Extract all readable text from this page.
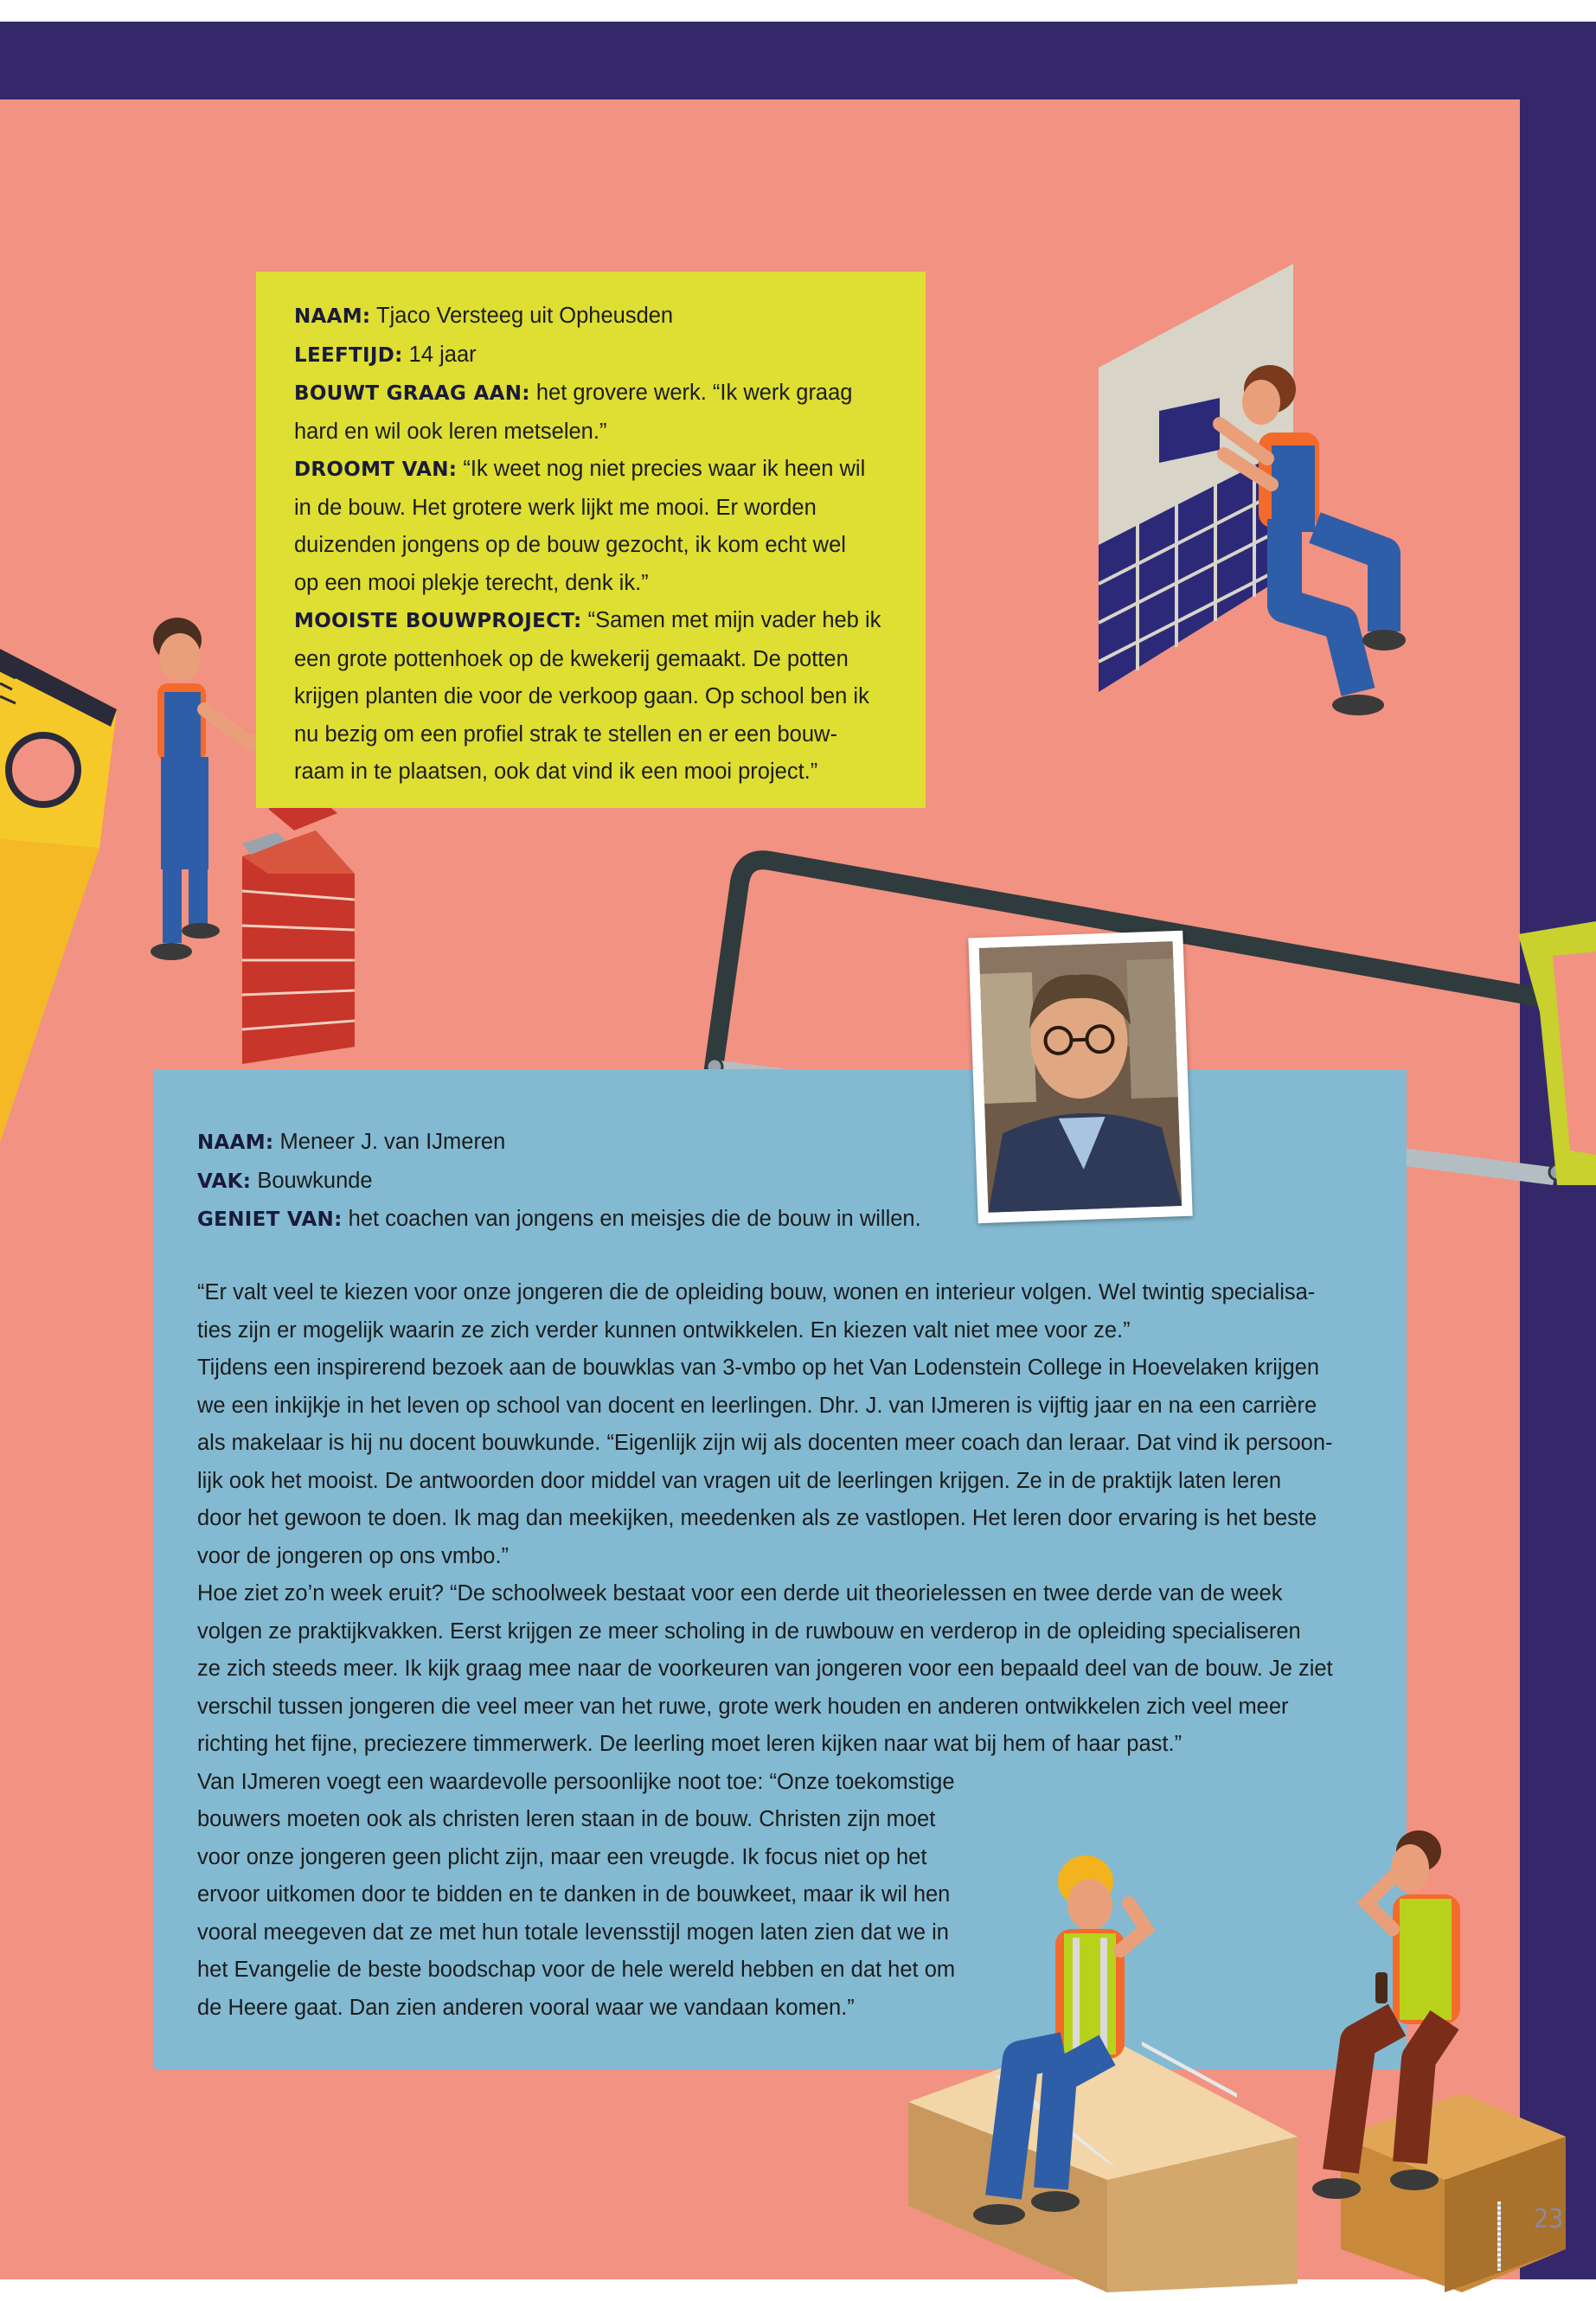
NAAM: Tjaco Versteeg uit Opheusden
LEEFTIJD: 14 jaar
BOUWT GRAAG AAN: het grovere werk. “Ik werk graag
hard en wil ook leren metselen.”
DROOMT VAN: “Ik weet nog niet precies waar ik heen wil
in de bouw. Het grotere werk lijkt me mooi. Er worden
duizenden jongens op de bouw gezocht, ik kom echt wel
op een mooi plekje terecht, denk ik.”
MOOISTE BOUWPROJECT: “Samen met mijn vader heb ik
een grote pottenhoek op de kwekerij gemaakt. De potten
krijgen planten die voor de verkoop gaan. Op school ben ik
nu bezig om een profiel strak te stellen en er een bouw-
raam in te plaatsen, ook dat vind ik een mooi project.”
NAAM: Meneer J. van IJmeren
VAK: Bouwkunde
GENIET VAN: het coachen van jongens en meisjes die de bouw in willen.
“Er valt veel te kiezen voor onze jongeren die de opleiding bouw, wonen en interieur volgen. Wel twintig specialisa-
ties zijn er mogelijk waarin ze zich verder kunnen ontwikkelen. En kiezen valt niet mee voor ze.”
Tijdens een inspirerend bezoek aan de bouwklas van 3-vmbo op het Van Lodenstein College in Hoevelaken krijgen
we een inkijkje in het leven op school van docent en leerlingen. Dhr. J. van IJmeren is vijftig jaar en na een carrière
als makelaar is hij nu docent bouwkunde. “Eigenlijk zijn wij als docenten meer coach dan leraar. Dat vind ik persoon-
lijk ook het mooist. De antwoorden door middel van vragen uit de leerlingen krijgen. Ze in de praktijk laten leren
door het gewoon te doen. Ik mag dan meekijken, meedenken als ze vastlopen. Het leren door ervaring is het beste
voor de jongeren op ons vmbo.”
Hoe ziet zo’n week eruit? “De schoolweek bestaat voor een derde uit theorielessen en twee derde van de week
volgen ze praktijkvakken. Eerst krijgen ze meer scholing in de ruwbouw en verderop in de opleiding specialiseren
ze zich steeds meer. Ik kijk graag mee naar de voorkeuren van jongeren voor een bepaald deel van de bouw. Je ziet
verschil tussen jongeren die veel meer van het ruwe, grote werk houden en anderen ontwikkelen zich veel meer
richting het fijne, preciezere timmerwerk. De leerling moet leren kijken naar wat bij hem of haar past.”
Van IJmeren voegt een waardevolle persoonlijke noot toe: “Onze toekomstige
bouwers moeten ook als christen leren staan in de bouw. Christen zijn moet
voor onze jongeren geen plicht zijn, maar een vreugde. Ik focus niet op het
ervoor uitkomen door te bidden en te danken in de bouwkeet, maar ik wil hen
vooral meegeven dat ze met hun totale levensstijl mogen laten zien dat we in
het Evangelie de beste boodschap voor de hele wereld hebben en dat het om
de Heere gaat. Dan zien anderen vooral waar we vandaan komen.”
23
